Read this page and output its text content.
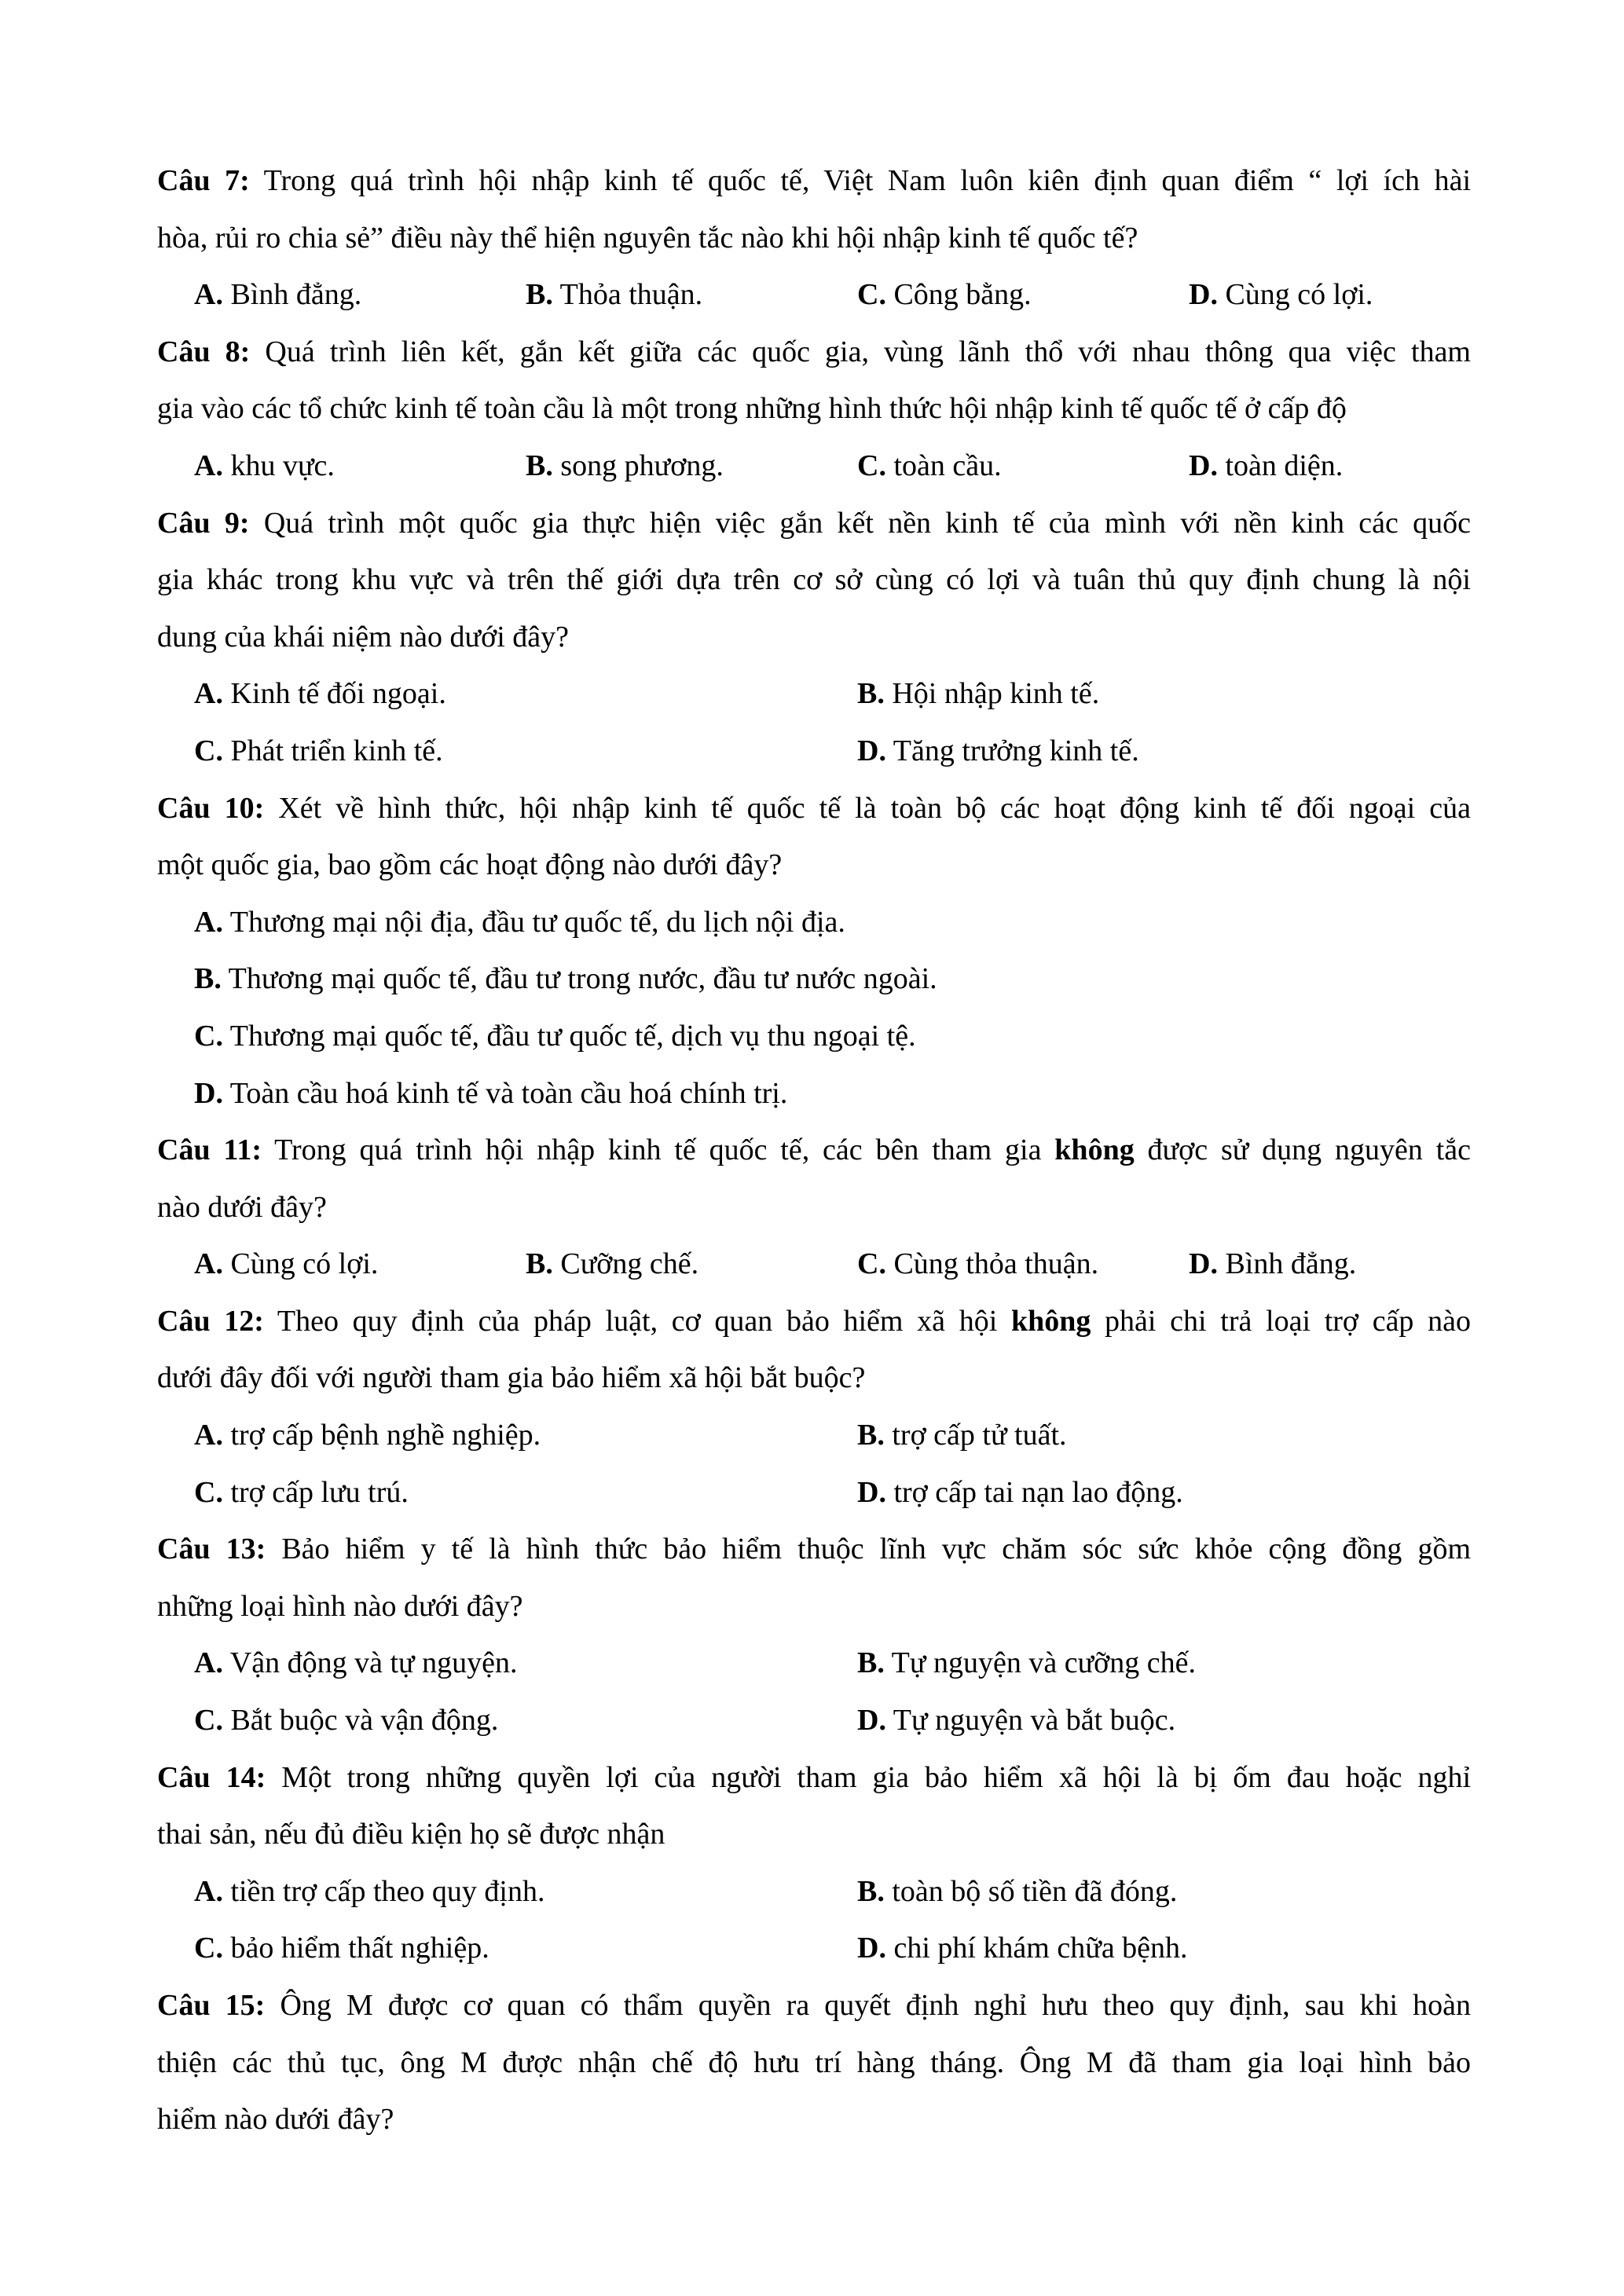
Câu 7: Trong quá trình hội nhập kinh tế quốc tế, Việt Nam luôn kiên định quan điểm “ lợi ích hài
hòa, rủi ro chia sẻ” điều này thể hiện nguyên tắc nào khi hội nhập kinh tế quốc tế?
A. Bình đẳng.	B. Thỏa thuận.	C. Công bằng.	D. Cùng có lợi.
Câu 8: Quá trình liên kết, gắn kết giữa các quốc gia, vùng lãnh thổ với nhau thông qua việc tham
gia vào các tổ chức kinh tế toàn cầu là một trong những hình thức hội nhập kinh tế quốc tế ở cấp độ
A. khu vực.	B. song phương.	C. toàn cầu.	D. toàn diện.
Câu 9: Quá trình một quốc gia thực hiện việc gắn kết nền kinh tế của mình với nền kinh các quốc
gia khác trong khu vực và trên thế giới dựa trên cơ sở cùng có lợi và tuân thủ quy định chung là nội
dung của khái niệm nào dưới đây?
A. Kinh tế đối ngoại.	B. Hội nhập kinh tế.
C. Phát triển kinh tế.	D. Tăng trưởng kinh tế.
Câu 10: Xét về hình thức, hội nhập kinh tế quốc tế là toàn bộ các hoạt động kinh tế đối ngoại của
một quốc gia, bao gồm các hoạt động nào dưới đây?
A. Thương mại nội địa, đầu tư quốc tế, du lịch nội địa.
B. Thương mại quốc tế, đầu tư trong nước, đầu tư nước ngoài.
C. Thương mại quốc tế, đầu tư quốc tế, dịch vụ thu ngoại tệ.
D. Toàn cầu hoá kinh tế và toàn cầu hoá chính trị.
Câu 11: Trong quá trình hội nhập kinh tế quốc tế, các bên tham gia không được sử dụng nguyên tắc
nào dưới đây?
A. Cùng có lợi.	B. Cưỡng chế.	C. Cùng thỏa thuận.	D. Bình đẳng.
Câu 12: Theo quy định của pháp luật, cơ quan bảo hiểm xã hội không phải chi trả loại trợ cấp nào
dưới đây đối với người tham gia bảo hiểm xã hội bắt buộc?
A. trợ cấp bệnh nghề nghiệp.	B. trợ cấp tử tuất.
C. trợ cấp lưu trú.	D. trợ cấp tai nạn lao động.
Câu 13: Bảo hiểm y tế là hình thức bảo hiểm thuộc lĩnh vực chăm sóc sức khỏe cộng đồng gồm
những loại hình nào dưới đây?
A. Vận động và tự nguyện.	B. Tự nguyện và cưỡng chế.
C. Bắt buộc và vận động.	D. Tự nguyện và bắt buộc.
Câu 14: Một trong những quyền lợi của người tham gia bảo hiểm xã hội là bị ốm đau hoặc nghỉ
thai sản, nếu đủ điều kiện họ sẽ được nhận
A. tiền trợ cấp theo quy định.	B. toàn bộ số tiền đã đóng.
C. bảo hiểm thất nghiệp.	D. chi phí khám chữa bệnh.
Câu 15: Ông M được cơ quan có thẩm quyền ra quyết định nghỉ hưu theo quy định, sau khi hoàn
thiện các thủ tục, ông M được nhận chế độ hưu trí hàng tháng. Ông M đã tham gia loại hình bảo
hiểm nào dưới đây?
